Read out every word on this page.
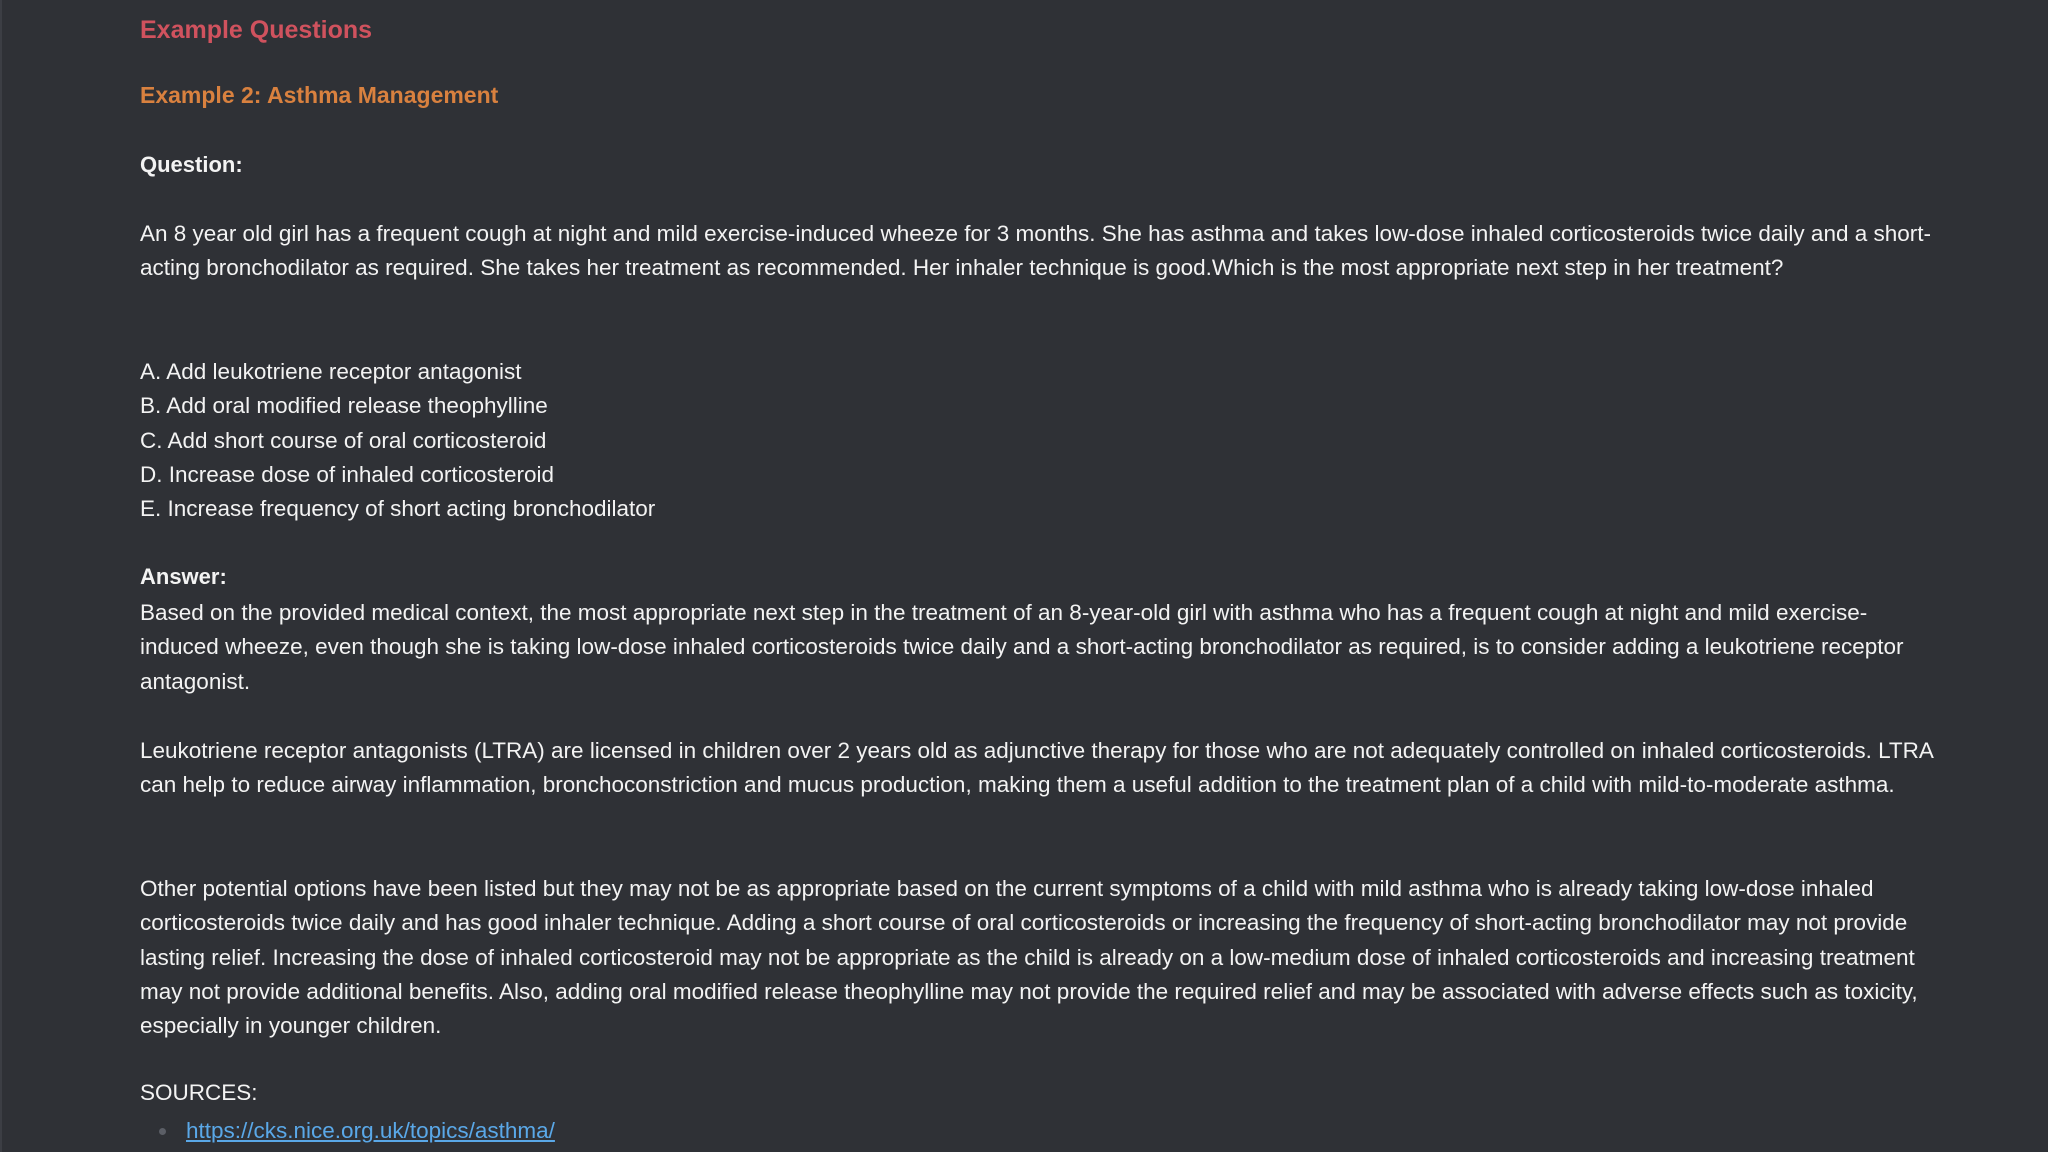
Example Questions
Example 2: Asthma Management

Question:

An 8 year old girl has a frequent cough at night and mild exercise-induced wheeze for 3 months. She has asthma and takes low-dose inhaled corticosteroids twice daily and a short-acting bronchodilator as required. She takes her treatment as recommended. Her inhaler technique is good.Which is the most appropriate next step in her treatment?

A. Add leukotriene receptor antagonist
B. Add oral modified release theophylline
C. Add short course of oral corticosteroid
D. Increase dose of inhaled corticosteroid
E. Increase frequency of short acting bronchodilator

Answer:

Based on the provided medical context, the most appropriate next step in the treatment of an 8-year-old girl with asthma who has a frequent cough at night and mild exercise-induced wheeze, even though she is taking low-dose inhaled corticosteroids twice daily and a short-acting bronchodilator as required, is to consider adding a leukotriene receptor antagonist.

Leukotriene receptor antagonists (LTRA) are licensed in children over 2 years old as adjunctive therapy for those who are not adequately controlled on inhaled corticosteroids. LTRA can help to reduce airway inflammation, bronchoconstriction and mucus production, making them a useful addition to the treatment plan of a child with mild-to-moderate asthma.

Other potential options have been listed but they may not be as appropriate based on the current symptoms of a child with mild asthma who is already taking low-dose inhaled corticosteroids twice daily and has good inhaler technique. Adding a short course of oral corticosteroids or increasing the frequency of short-acting bronchodilator may not provide lasting relief. Increasing the dose of inhaled corticosteroid may not be appropriate as the child is already on a low-medium dose of inhaled corticosteroids and increasing treatment may not provide additional benefits. Also, adding oral modified release theophylline may not provide the required relief and may be associated with adverse effects such as toxicity, especially in younger children.

SOURCES:

https://cks.nice.org.uk/topics/asthma/
